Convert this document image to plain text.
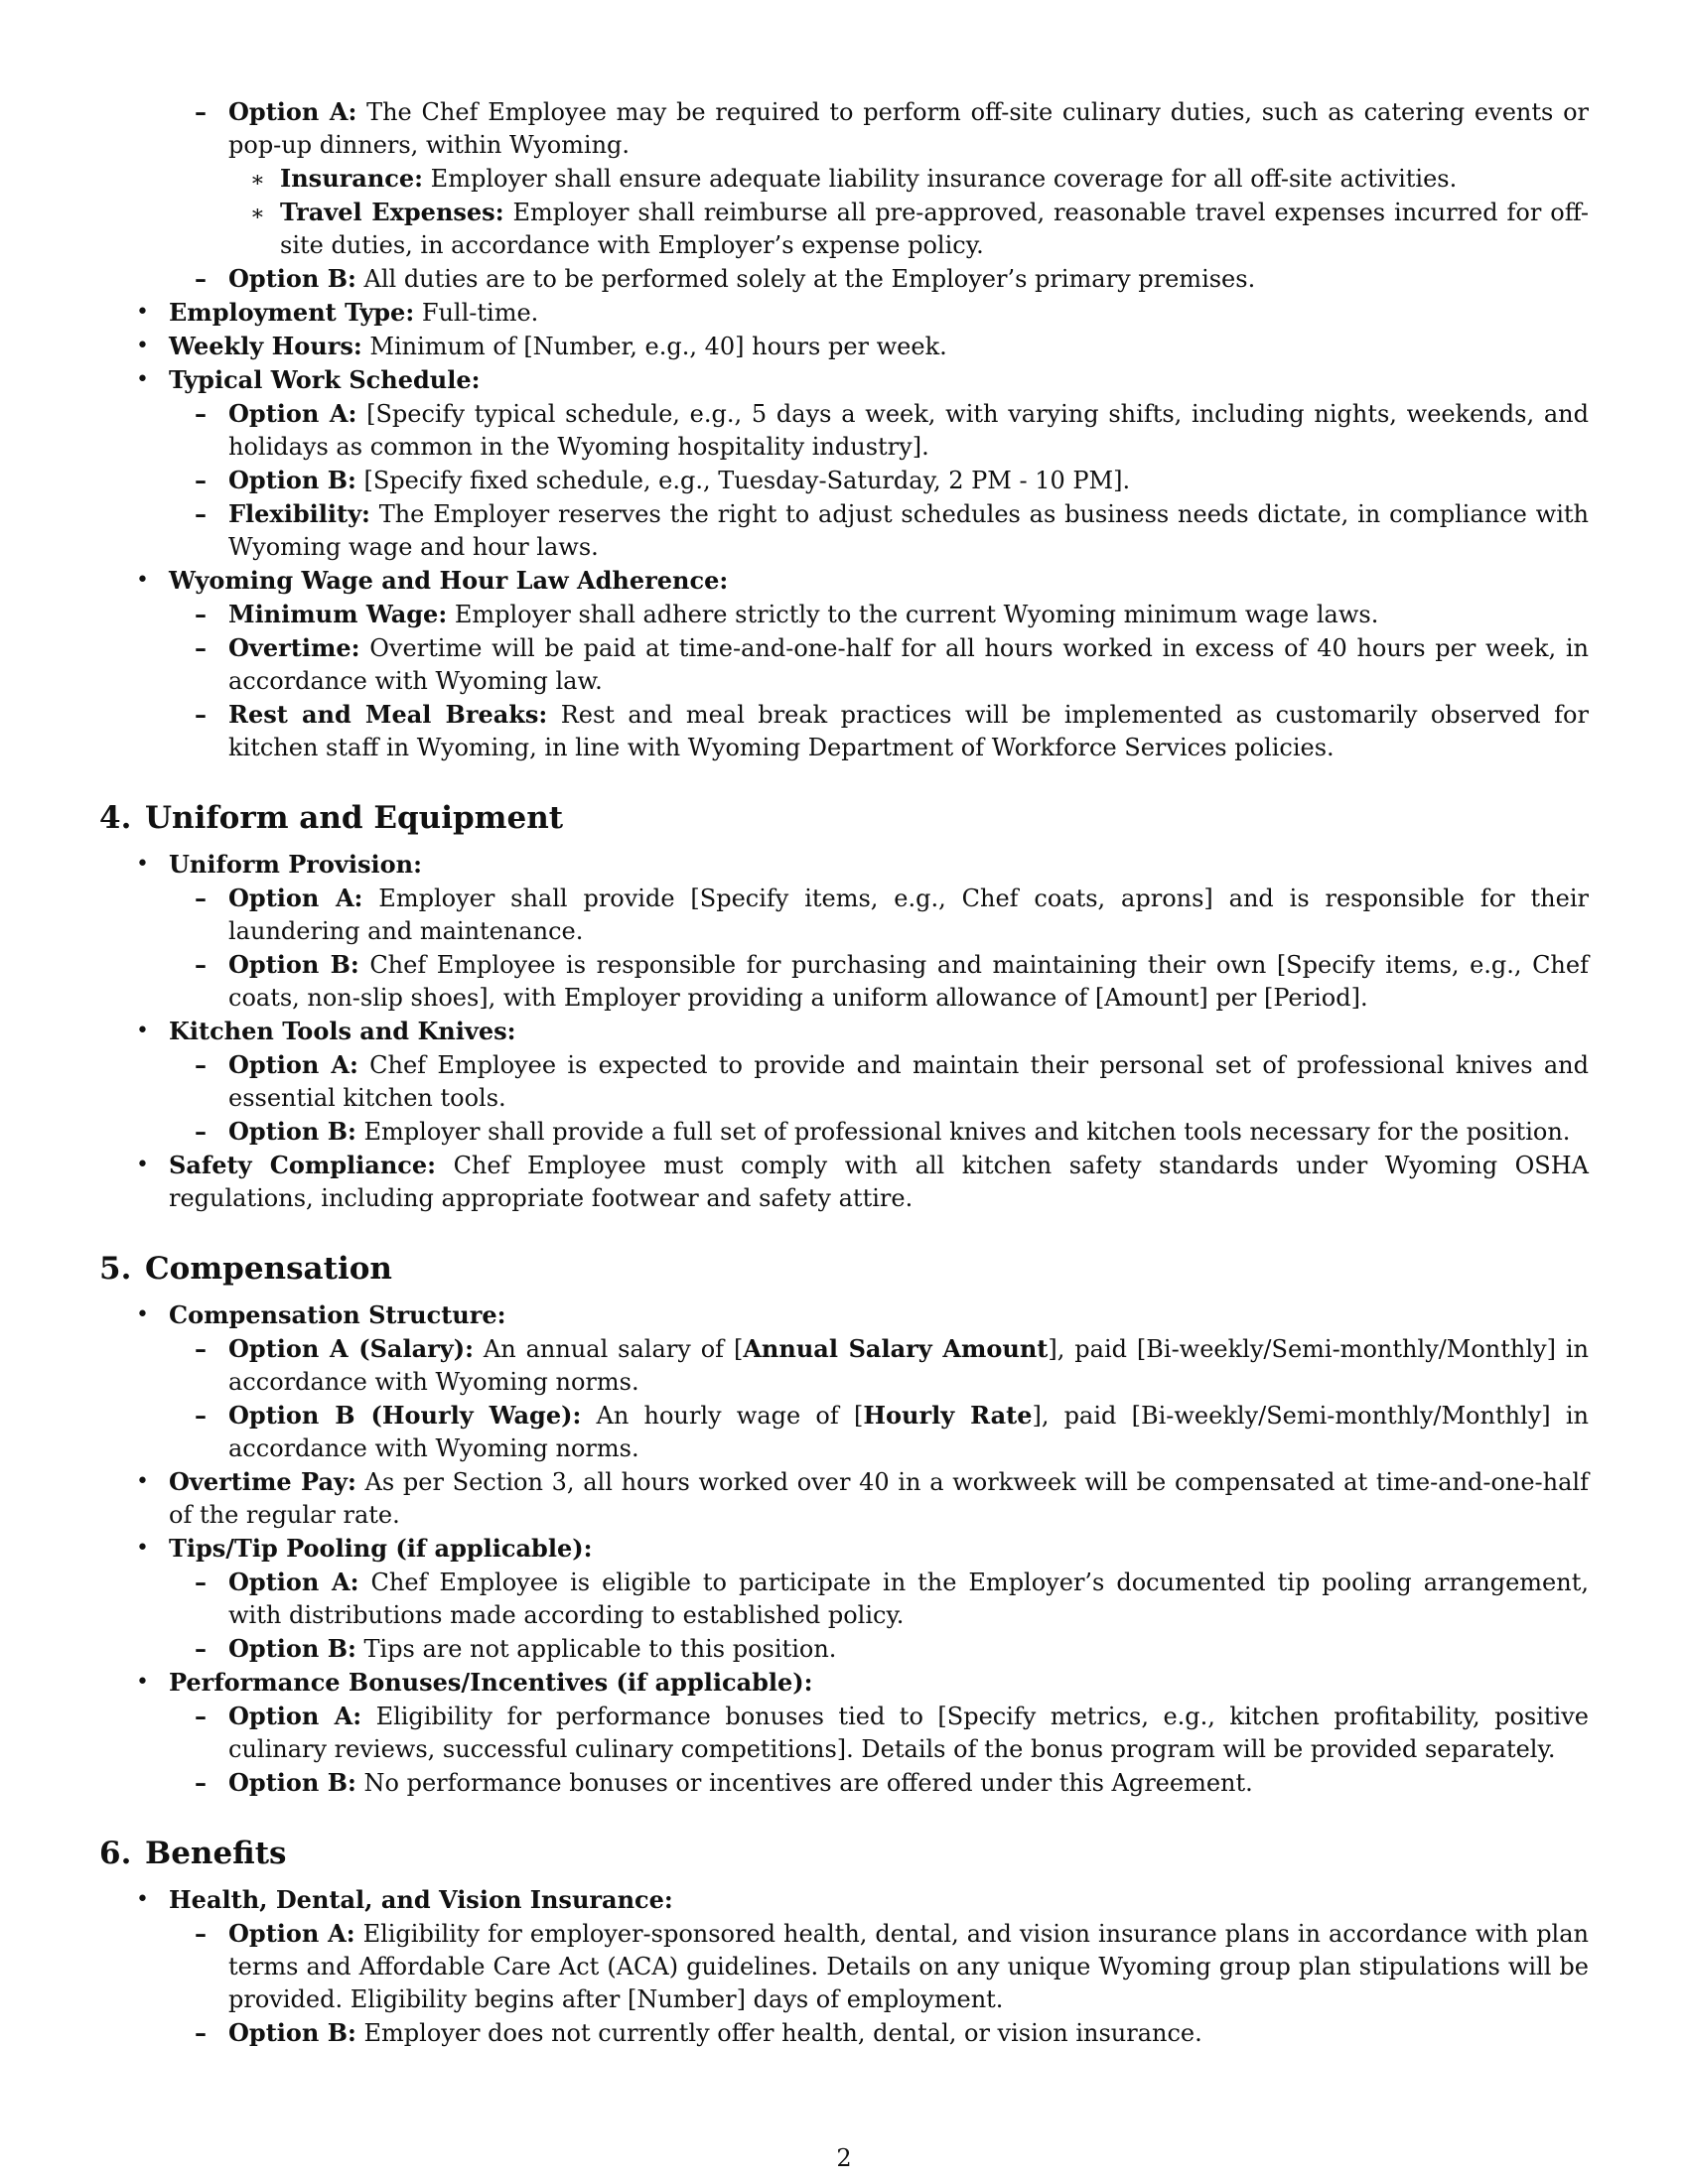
– Option A: The Chef Employee may be required to perform off-site culinary duties, such as catering events or pop-up dinners, within Wyoming.
∗ Insurance: Employer shall ensure adequate liability insurance coverage for all off-site activities.
∗ Travel Expenses: Employer shall reimburse all pre-approved, reasonable travel expenses incurred for off-site duties, in accordance with Employer’s expense policy.
– Option B: All duties are to be performed solely at the Employer’s primary premises.
• Employment Type: Full-time.
• Weekly Hours: Minimum of [Number, e.g., 40] hours per week.
• Typical Work Schedule:
– Option A: [Specify typical schedule, e.g., 5 days a week, with varying shifts, including nights, weekends, and holidays as common in the Wyoming hospitality industry].
– Option B: [Specify fixed schedule, e.g., Tuesday-Saturday, 2 PM - 10 PM].
– Flexibility: The Employer reserves the right to adjust schedules as business needs dictate, in compliance with Wyoming wage and hour laws.
• Wyoming Wage and Hour Law Adherence:
– Minimum Wage: Employer shall adhere strictly to the current Wyoming minimum wage laws.
– Overtime: Overtime will be paid at time-and-one-half for all hours worked in excess of 40 hours per week, in accordance with Wyoming law.
– Rest and Meal Breaks: Rest and meal break practices will be implemented as customarily observed for kitchen staff in Wyoming, in line with Wyoming Department of Workforce Services policies.
4. Uniform and Equipment
• Uniform Provision:
– Option A: Employer shall provide [Specify items, e.g., Chef coats, aprons] and is responsible for their laundering and maintenance.
– Option B: Chef Employee is responsible for purchasing and maintaining their own [Specify items, e.g., Chef coats, non-slip shoes], with Employer providing a uniform allowance of [Amount] per [Period].
• Kitchen Tools and Knives:
– Option A: Chef Employee is expected to provide and maintain their personal set of professional knives and essential kitchen tools.
– Option B: Employer shall provide a full set of professional knives and kitchen tools necessary for the position.
• Safety Compliance: Chef Employee must comply with all kitchen safety standards under Wyoming OSHA regulations, including appropriate footwear and safety attire.
5. Compensation
• Compensation Structure:
– Option A (Salary): An annual salary of [Annual Salary Amount], paid [Bi-weekly/Semi-monthly/Monthly] in accordance with Wyoming norms.
– Option B (Hourly Wage): An hourly wage of [Hourly Rate], paid [Bi-weekly/Semi-monthly/Monthly] in accordance with Wyoming norms.
• Overtime Pay: As per Section 3, all hours worked over 40 in a workweek will be compensated at time-and-one-half of the regular rate.
• Tips/Tip Pooling (if applicable):
– Option A: Chef Employee is eligible to participate in the Employer’s documented tip pooling arrangement, with distributions made according to established policy.
– Option B: Tips are not applicable to this position.
• Performance Bonuses/Incentives (if applicable):
– Option A: Eligibility for performance bonuses tied to [Specify metrics, e.g., kitchen profitability, positive culinary reviews, successful culinary competitions]. Details of the bonus program will be provided separately.
– Option B: No performance bonuses or incentives are offered under this Agreement.
6. Benefits
• Health, Dental, and Vision Insurance:
– Option A: Eligibility for employer-sponsored health, dental, and vision insurance plans in accordance with plan terms and Affordable Care Act (ACA) guidelines. Details on any unique Wyoming group plan stipulations will be provided. Eligibility begins after [Number] days of employment.
– Option B: Employer does not currently offer health, dental, or vision insurance.
2
